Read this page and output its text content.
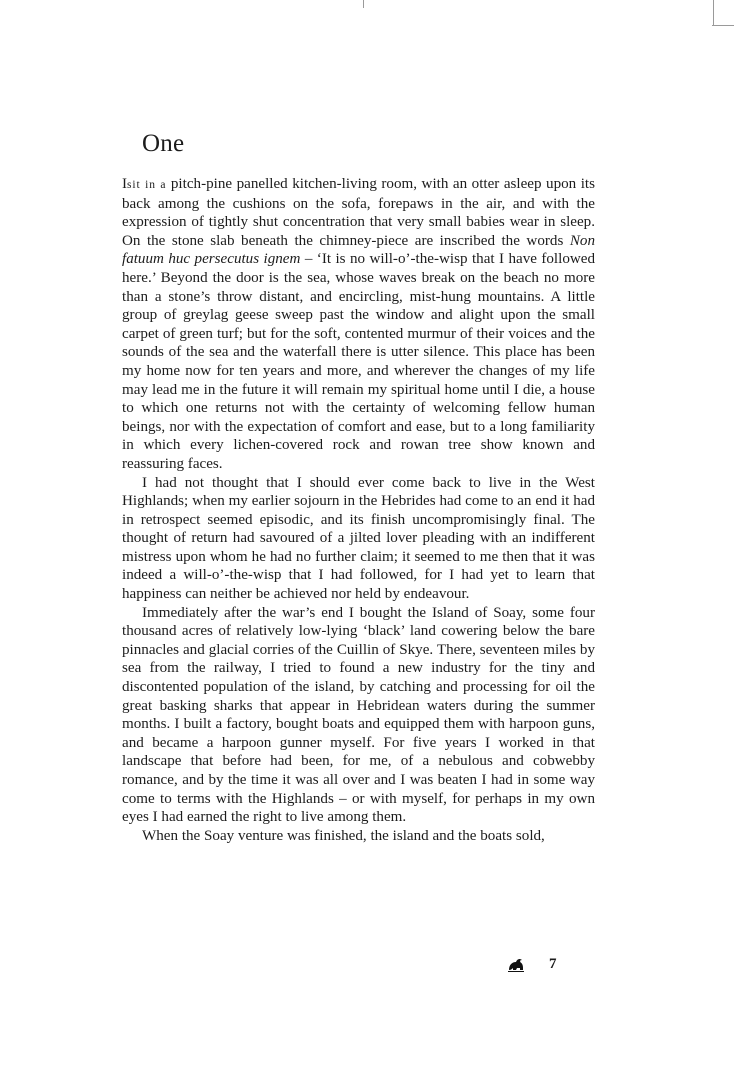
One

Isit in a pitch-pine panelled kitchen-living room, with an otter asleep upon its back among the cushions on the sofa, forepaws in the air, and with the expression of tightly shut concentration that very small babies wear in sleep. On the stone slab beneath the chimney-piece are inscribed the words Non fatuum huc persecutus ignem – ‘It is no will-o’-the-wisp that I have followed here.’ Beyond the door is the sea, whose waves break on the beach no more than a stone’s throw distant, and encircling, mist-hung mountains. A little group of greylag geese sweep past the window and alight upon the small carpet of green turf; but for the soft, contented murmur of their voices and the sounds of the sea and the waterfall there is utter silence. This place has been my home now for ten years and more, and wherever the changes of my life may lead me in the future it will remain my spiritual home until I die, a house to which one returns not with the certainty of welcoming fellow human beings, nor with the expectation of comfort and ease, but to a long familiarity in which every lichen-covered rock and rowan tree show known and reassuring faces.

I had not thought that I should ever come back to live in the West Highlands; when my earlier sojourn in the Hebrides had come to an end it had in retrospect seemed episodic, and its finish uncompromisingly final. The thought of return had savoured of a jilted lover pleading with an indifferent mistress upon whom he had no further claim; it seemed to me then that it was indeed a will-o’-the-wisp that I had followed, for I had yet to learn that happiness can neither be achieved nor held by endeavour.

Immediately after the war’s end I bought the Island of Soay, some four thousand acres of relatively low-lying ‘black’ land cowering below the bare pinnacles and glacial corries of the Cuillin of Skye. There, seventeen miles by sea from the railway, I tried to found a new industry for the tiny and discontented population of the island, by catching and processing for oil the great basking sharks that appear in Hebridean waters during the summer months. I built a factory, bought boats and equipped them with harpoon guns, and became a harpoon gunner myself. For five years I worked in that landscape that before had been, for me, of a nebulous and cobwebby romance, and by the time it was all over and I was beaten I had in some way come to terms with the Highlands – or with myself, for perhaps in my own eyes I had earned the right to live among them.

When the Soay venture was finished, the island and the boats sold,

7
